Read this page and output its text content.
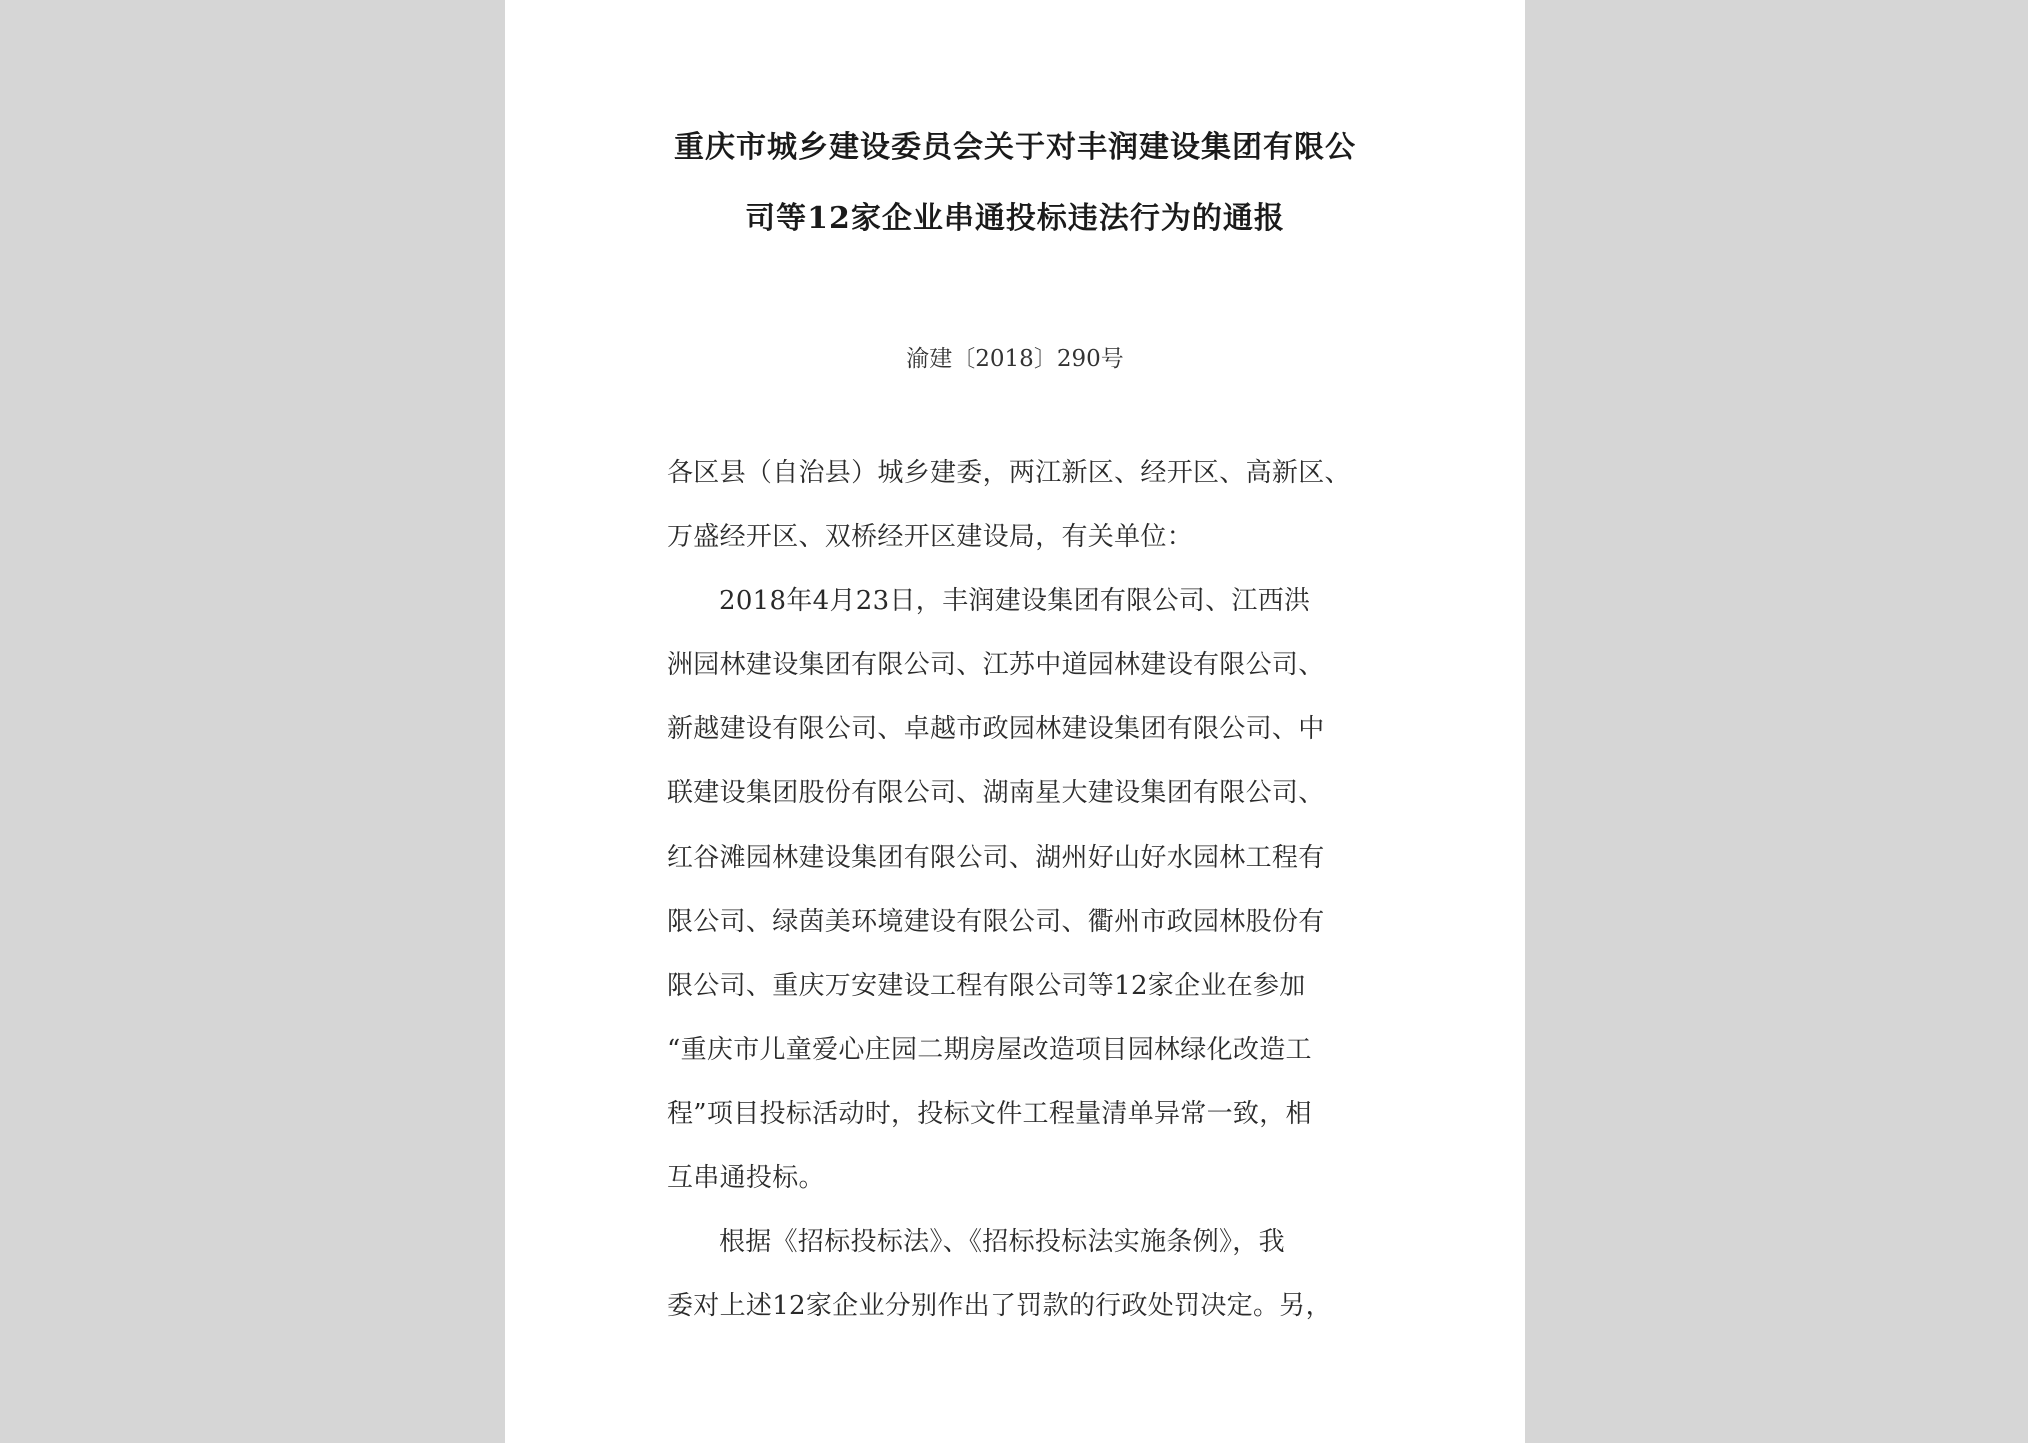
重庆市城乡建设委员会关于对丰润建设集团有限公
司等12家企业串通投标违法行为的通报
渝建〔2018〕290号
各区县（自治县）城乡建委，两江新区、经开区、高新区、
万盛经开区、双桥经开区建设局，有关单位：
2018年4月23日，丰润建设集团有限公司、江西洪
洲园林建设集团有限公司、江苏中道园林建设有限公司、
新越建设有限公司、卓越市政园林建设集团有限公司、中
联建设集团股份有限公司、湖南星大建设集团有限公司、
红谷滩园林建设集团有限公司、湖州好山好水园林工程有
限公司、绿茵美环境建设有限公司、衢州市政园林股份有
限公司、重庆万安建设工程有限公司等12家企业在参加
“重庆市儿童爱心庄园二期房屋改造项目园林绿化改造工
程”项目投标活动时，投标文件工程量清单异常一致，相
互串通投标。
根据《招标投标法》、《招标投标法实施条例》，我
委对上述12家企业分别作出了罚款的行政处罚决定。另，
